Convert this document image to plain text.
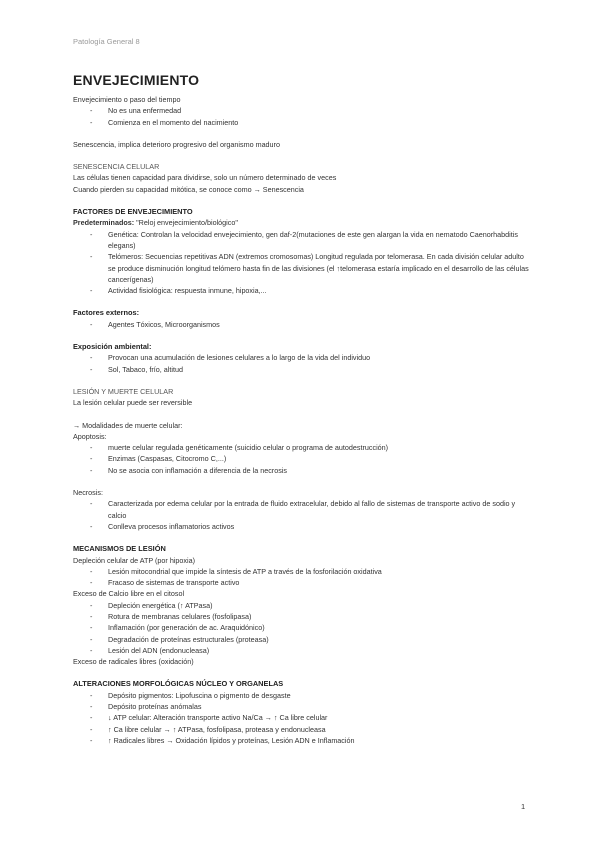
Patología General 8
ENVEJECIMIENTO
Envejecimiento o paso del tiempo
- No es una enfermedad
- Comienza en el momento del nacimiento
Senescencia, implica deterioro progresivo del organismo maduro
SENESCENCIA CELULAR
Las células tienen capacidad para dividirse, solo un número determinado de veces
Cuando pierden su capacidad mitótica, se conoce como → Senescencia
FACTORES DE ENVEJECIMIENTO
Predeterminados: "Reloj envejecimiento/biológico"
- Genética: Controlan la velocidad envejecimiento, gen daf-2(mutaciones de este gen alargan la vida en nematodo Caenorhabditis elegans)
- Telómeros: Secuencias repetitivas ADN (extremos cromosomas) Longitud regulada por telomerasa. En cada división celular adulto se produce disminución longitud telómero hasta fin de las divisiones (el ↑telomerasa estaría implicado en el desarrollo de las células cancerígenas)
- Actividad fisiológica: respuesta inmune, hipoxia,...
Factores externos:
- Agentes Tóxicos, Microorganismos
Exposición ambiental:
- Provocan una acumulación de lesiones celulares a lo largo de la vida del individuo
- Sol, Tabaco, frío, altitud
LESIÓN Y MUERTE CELULAR
La lesión celular puede ser reversible
→ Modalidades de muerte celular:
Apoptosis:
- muerte celular regulada genéticamente (suicidio celular o programa de autodestrucción)
- Enzimas (Caspasas, Citocromo C,...)
- No se asocia con inflamación a diferencia de la necrosis
Necrosis:
- Caracterizada por edema celular por la entrada de fluido extracelular, debido al fallo de sistemas de transporte activo de sodio y calcio
- Conlleva procesos inflamatorios activos
MECANISMOS DE LESIÓN
Depleción celular de ATP (por hipoxia)
- Lesión mitocondrial que impide la síntesis de ATP a través de la fosforilación oxidativa
- Fracaso de sistemas de transporte activo
Exceso de Calcio libre en el citosol
- Depleción energética (↑ ATPasa)
- Rotura de membranas celulares (fosfolipasa)
- Inflamación (por generación de ac. Araquidónico)
- Degradación de proteínas estructurales (proteasa)
- Lesión del ADN (endonucleasa)
Exceso de radicales libres (oxidación)
ALTERACIONES MORFOLÓGICAS NÚCLEO Y ORGANELAS
- Depósito pigmentos: Lipofuscina o pigmento de desgaste
- Depósito proteínas anómalas
- ↓ ATP celular: Alteración transporte activo Na/Ca → ↑ Ca libre celular
- ↑ Ca libre celular → ↑ ATPasa, fosfolipasa, proteasa y endonucleasa
- ↑ Radicales libres → Oxidación lípidos y proteínas, Lesión ADN e Inflamación
1
